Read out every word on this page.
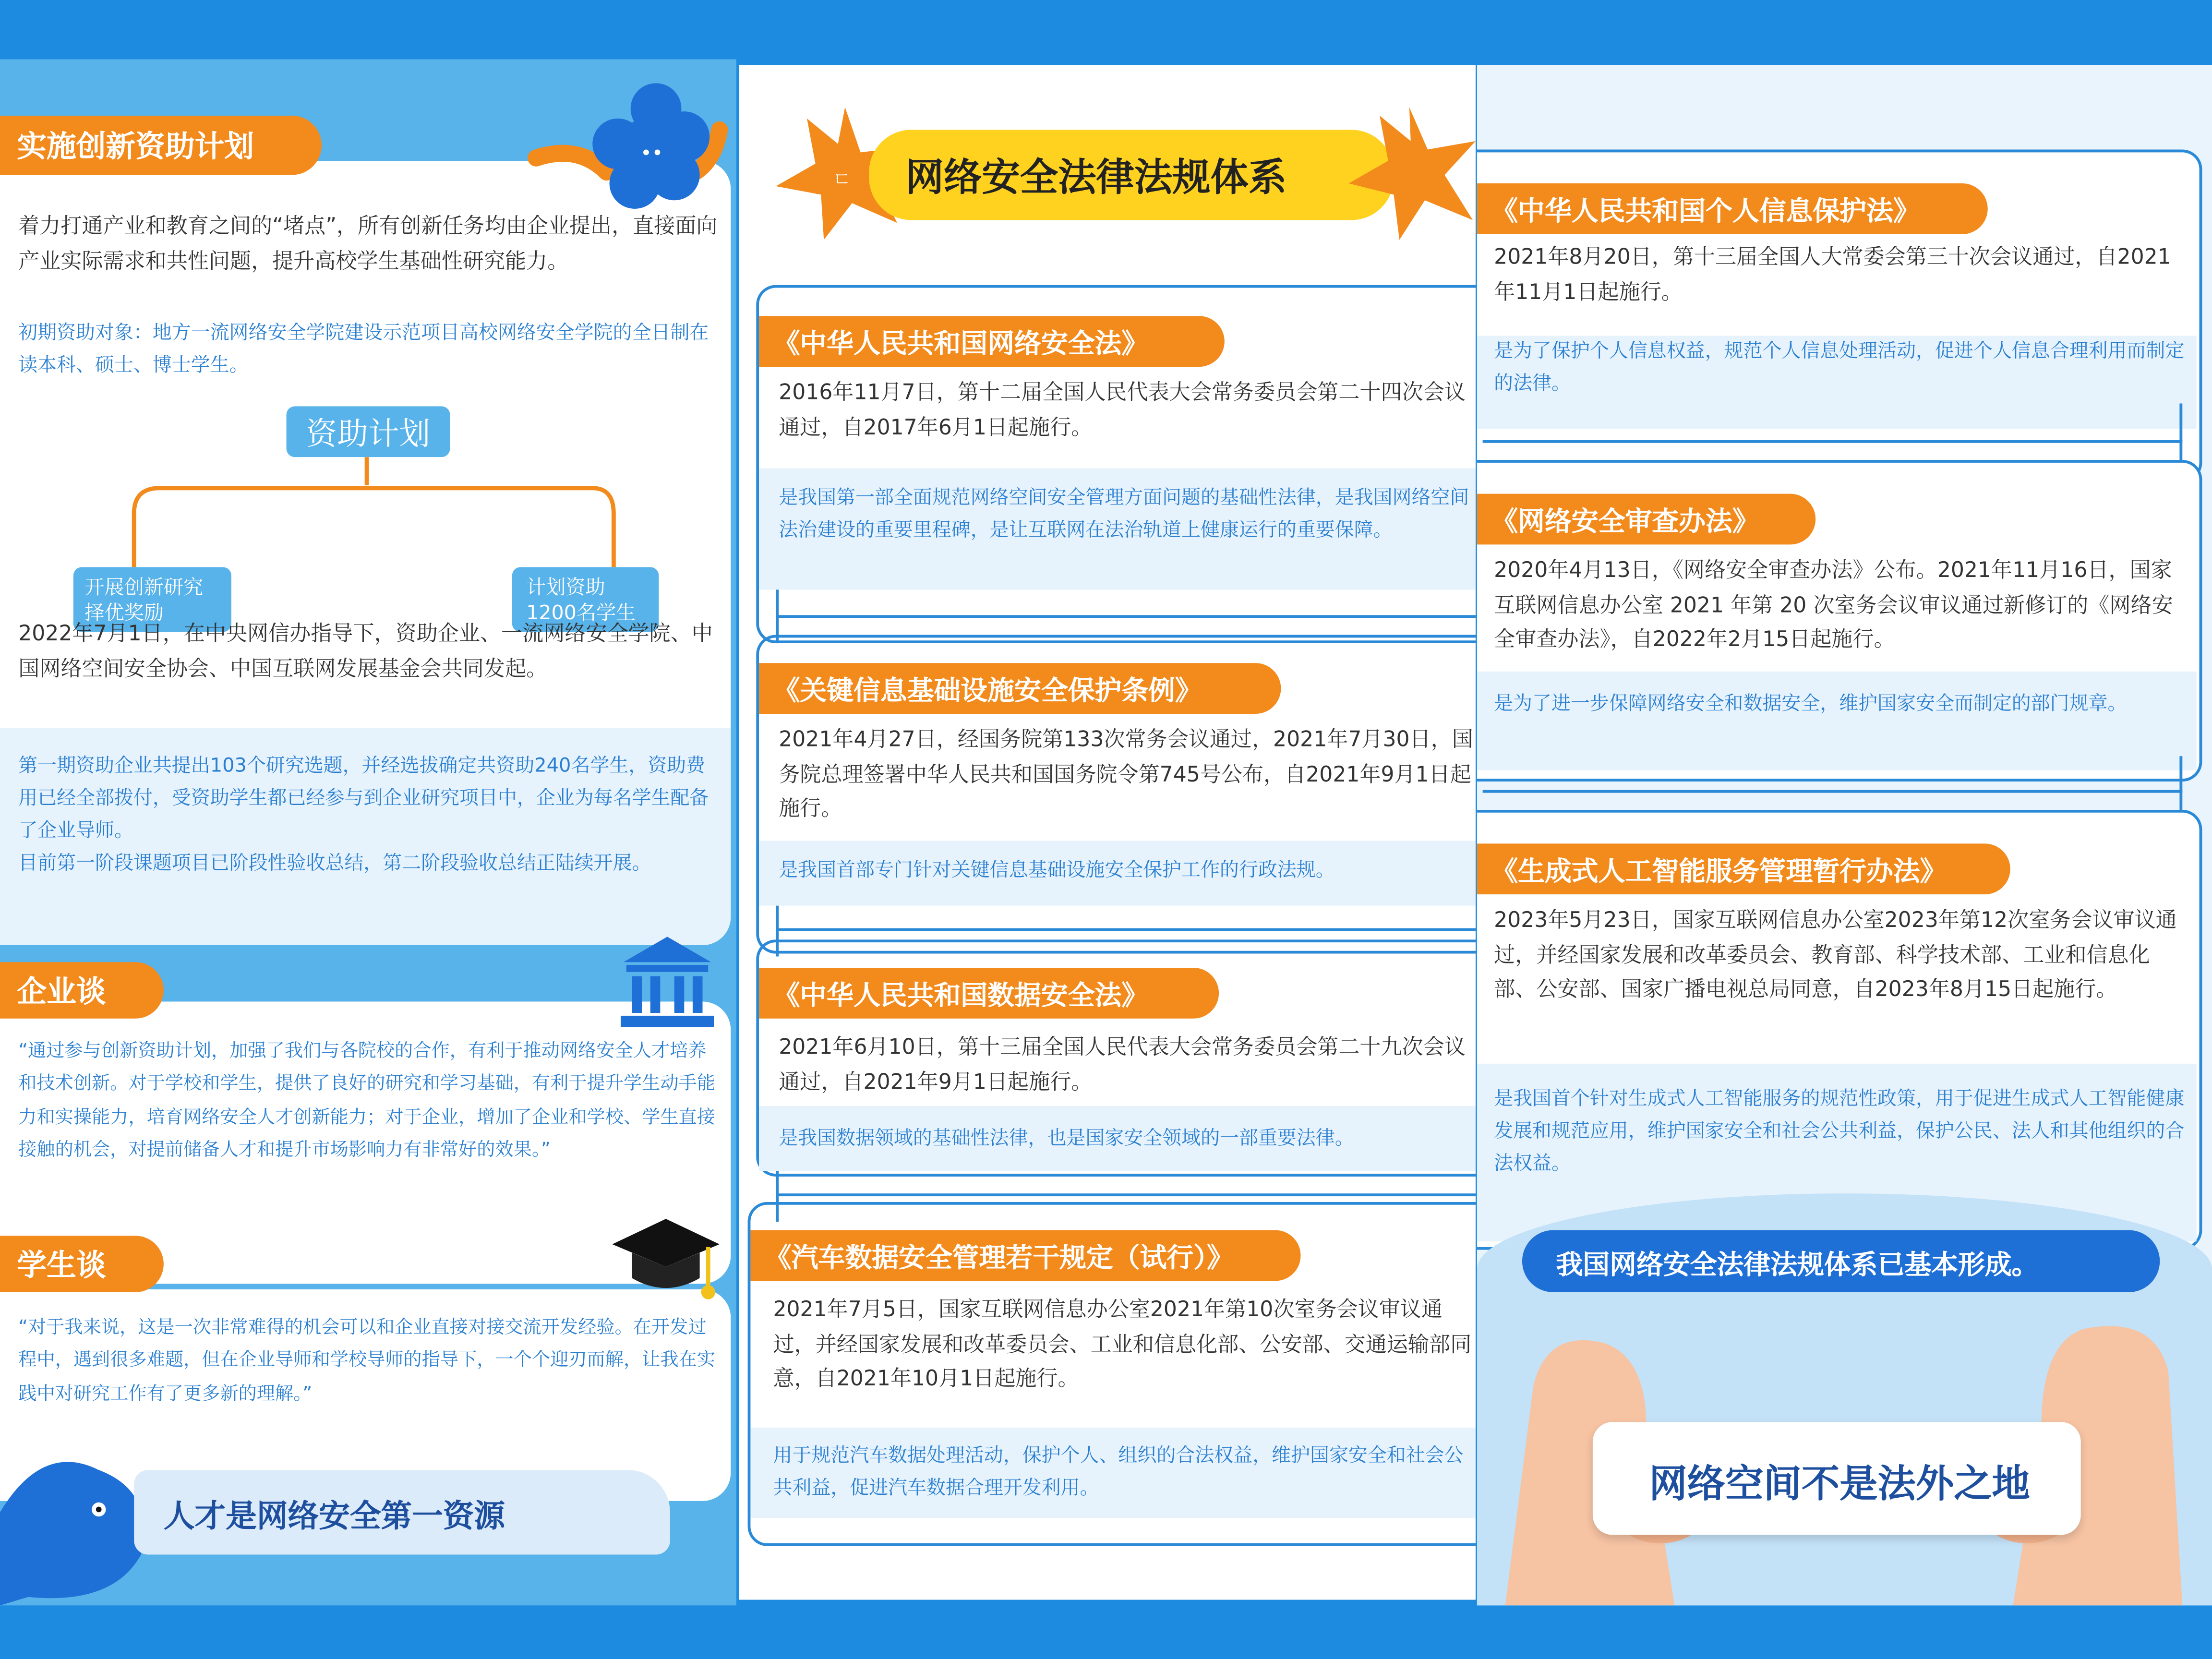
实施创新资助计划
着力打通产业和教育之间的“堵点”，所有创新任务均由企业提出，直接面向产业实际需求和共性问题，提升高校学生基础性研究能力。
初期资助对象：地方一流网络安全学院建设示范项目高校网络安全学院的全日制在读本科、硕士、博士学生。
资助计划
开展创新研究
择优奖励
计划资助
1200名学生
2022年7月1日，在中央网信办指导下，资助企业、一流网络安全学院、中国网络空间安全协会、中国互联网发展基金会共同发起。
第一期资助企业共提出103个研究选题，并经选拔确定共资助240名学生，资助费用已经全部拨付，受资助学生都已经参与到企业研究项目中，企业为每名学生配备了企业导师。
目前第一阶段课题项目已阶段性验收总结，第二阶段验收总结正陆续开展。
企业谈
“通过参与创新资助计划，加强了我们与各院校的合作，有利于推动网络安全人才培养和技术创新。对于学校和学生，提供了良好的研究和学习基础，有利于提升学生动手能力和实操能力，培育网络安全人才创新能力；对于企业，增加了企业和学校、学生直接接触的机会，对提前储备人才和提升市场影响力有非常好的效果。”
学生谈
“对于我来说，这是一次非常难得的机会可以和企业直接对接交流开发经验。在开发过程中，遇到很多难题，但在企业导师和学校导师的指导下，一个个迎刃而解，让我在实践中对研究工作有了更多新的理解。”
人才是网络安全第一资源
ㄷ	网络安全法律法规体系
《中华人民共和国网络安全法》
2016年11月7日，第十二届全国人民代表大会常务委员会第二十四次会议通过，自2017年6月1日起施行。
是我国第一部全面规范网络空间安全管理方面问题的基础性法律，是我国网络空间法治建设的重要里程碑，是让互联网在法治轨道上健康运行的重要保障。
《关键信息基础设施安全保护条例》
2021年4月27日，经国务院第133次常务会议通过，2021年7月30日，国务院总理签署中华人民共和国国务院令第745号公布，自2021年9月1日起施行。
是我国首部专门针对关键信息基础设施安全保护工作的行政法规。
《中华人民共和国数据安全法》
2021年6月10日，第十三届全国人民代表大会常务委员会第二十九次会议通过，自2021年9月1日起施行。
是我国数据领域的基础性法律，也是国家安全领域的一部重要法律。
《汽车数据安全管理若干规定（试行）》
2021年7月5日，国家互联网信息办公室2021年第10次室务会议审议通过，并经国家发展和改革委员会、工业和信息化部、公安部、交通运输部同意，自2021年10月1日起施行。
用于规范汽车数据处理活动，保护个人、组织的合法权益，维护国家安全和社会公共利益，促进汽车数据合理开发利用。
《中华人民共和国个人信息保护法》
2021年8月20日，第十三届全国人大常委会第三十次会议通过，自2021年11月1日起施行。
是为了保护个人信息权益，规范个人信息处理活动，促进个人信息合理利用而制定的法律。
《网络安全审查办法》
2020年4月13日，《网络安全审查办法》公布。2021年11月16日，国家互联网信息办公室 2021 年第 20 次室务会议审议通过新修订的《网络安全审查办法》，自2022年2月15日起施行。
是为了进一步保障网络安全和数据安全，维护国家安全而制定的部门规章。
《生成式人工智能服务管理暂行办法》
2023年5月23日，国家互联网信息办公室2023年第12次室务会议审议通过，并经国家发展和改革委员会、教育部、科学技术部、工业和信息化部、公安部、国家广播电视总局同意，自2023年8月15日起施行。
是我国首个针对生成式人工智能服务的规范性政策，用于促进生成式人工智能健康发展和规范应用，维护国家安全和社会公共利益，保护公民、法人和其他组织的合法权益。
我国网络安全法律法规体系已基本形成。
网络空间不是法外之地
